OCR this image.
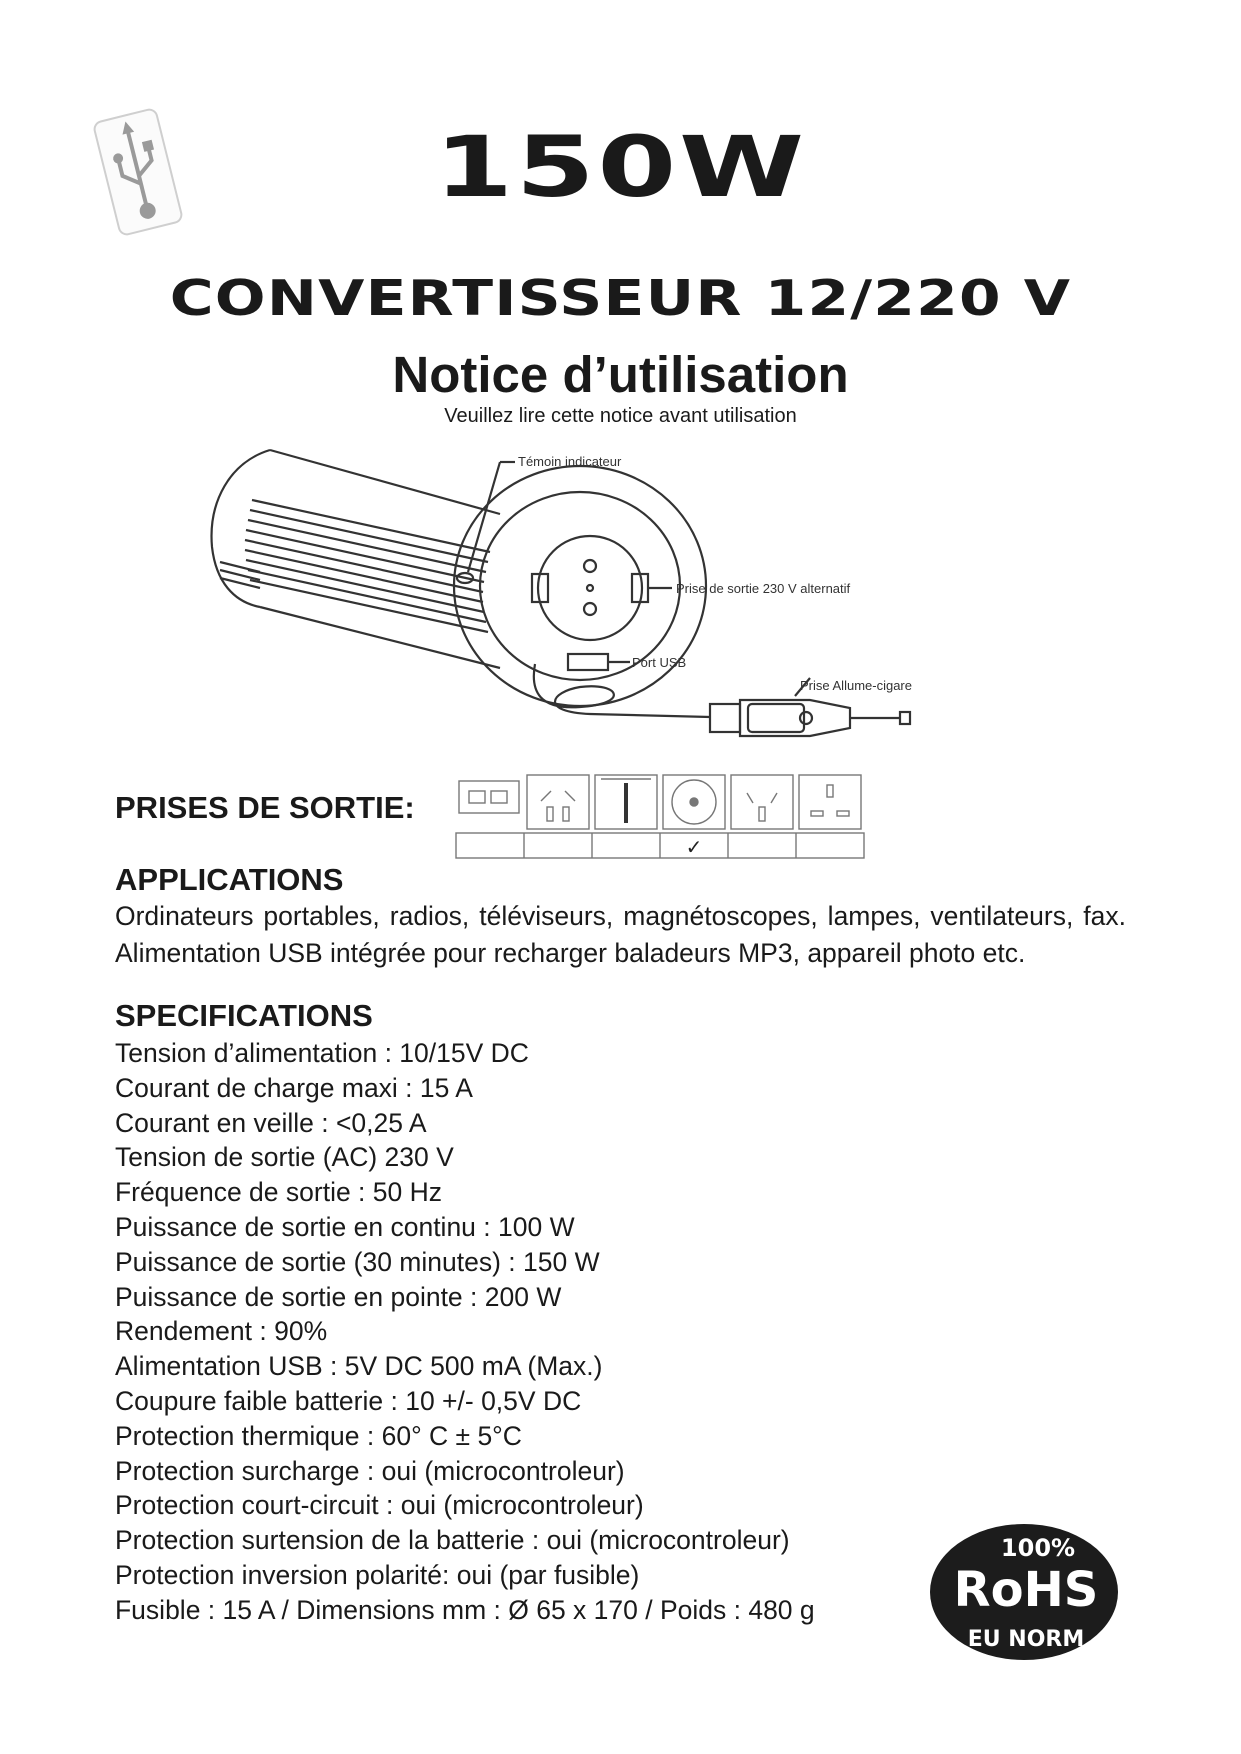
150W
CONVERTISSEUR 12/220 V
Notice d’utilisation
Veuillez lire cette notice avant utilisation
Témoin indicateur
Prise de sortie 230 V alternatif
Port USB
Prise Allume-cigare
PRISES DE SORTIE:
✓
APPLICATIONS
Ordinateurs portables, radios, téléviseurs, magnétoscopes, lampes, ventilateurs, fax. Alimentation USB intégrée pour recharger baladeurs MP3, appareil photo etc.
SPECIFICATIONS
Tension d’alimentation : 10/15V DC
Courant de charge maxi : 15 A
Courant en veille : <0,25 A
Tension de sortie (AC) 230 V
Fréquence de sortie : 50 Hz
Puissance de sortie en continu : 100 W
Puissance de sortie (30 minutes) : 150 W
Puissance de sortie en pointe : 200 W
Rendement : 90%
Alimentation USB : 5V DC 500 mA (Max.)
Coupure faible batterie : 10 +/- 0,5V DC
Protection thermique : 60° C ± 5°C
Protection surcharge : oui (microcontroleur)
Protection court-circuit : oui (microcontroleur)
Protection surtension de la batterie : oui (microcontroleur)
Protection inversion polarité: oui (par fusible)
Fusible : 15 A / Dimensions mm : Ø 65 x 170 / Poids : 480 g
100%
RoHS
EU NORM
